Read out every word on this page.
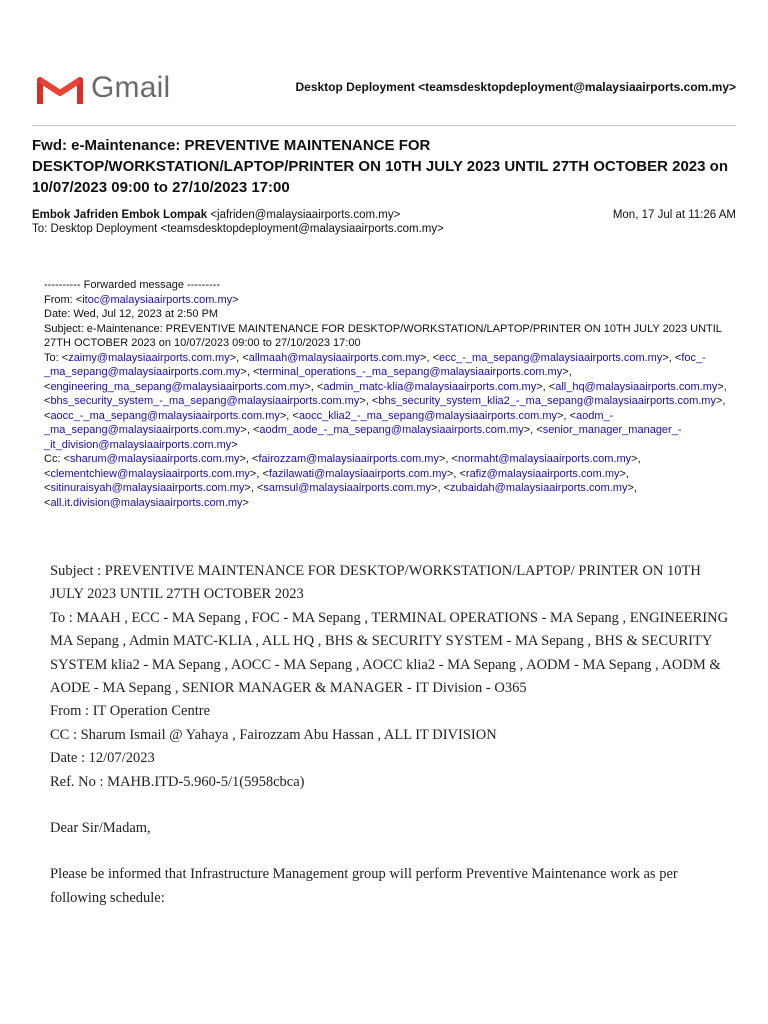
Gmail	Desktop Deployment <teamsdesktopdeployment@malaysiaairports.com.my>
Fwd: e-Maintenance: PREVENTIVE MAINTENANCE FOR DESKTOP/WORKSTATION/LAPTOP/PRINTER ON 10TH JULY 2023 UNTIL 27TH OCTOBER 2023 on 10/07/2023 09:00 to 27/10/2023 17:00
Embok Jafriden Embok Lompak <jafriden@malaysiaairports.com.my>	Mon, 17 Jul at 11:26 AM
To: Desktop Deployment <teamsdesktopdeployment@malaysiaairports.com.my>
---------- Forwarded message ---------
From: <itoc@malaysiaairports.com.my>
Date: Wed, Jul 12, 2023 at 2:50 PM
Subject: e-Maintenance: PREVENTIVE MAINTENANCE FOR DESKTOP/WORKSTATION/LAPTOP/PRINTER ON 10TH JULY 2023 UNTIL 27TH OCTOBER 2023 on 10/07/2023 09:00 to 27/10/2023 17:00
To: <zaimy@malaysiaairports.com.my>, <allmaah@malaysiaairports.com.my>, <ecc_-_ma_sepang@malaysiaairports.com.my>, <foc_-_ma_sepang@malaysiaairports.com.my>, <terminal_operations_-_ma_sepang@malaysiaairports.com.my>, <engineering_ma_sepang@malaysiaairports.com.my>, <admin_matc-klia@malaysiaairports.com.my>, <all_hq@malaysiaairports.com.my>, <bhs_security_system_-_ma_sepang@malaysiaairports.com.my>, <bhs_security_system_klia2_-_ma_sepang@malaysiaairports.com.my>, <aocc_-_ma_sepang@malaysiaairports.com.my>, <aocc_klia2_-_ma_sepang@malaysiaairports.com.my>, <aodm_-_ma_sepang@malaysiaairports.com.my>, <aodm_aode_-_ma_sepang@malaysiaairports.com.my>, <senior_manager_manager_-_it_division@malaysiaairports.com.my>
Cc: <sharum@malaysiaairports.com.my>, <fairozzam@malaysiaairports.com.my>, <normaht@malaysiaairports.com.my>, <clementchiew@malaysiaairports.com.my>, <fazilawati@malaysiaairports.com.my>, <rafiz@malaysiaairports.com.my>, <sitinuraisyah@malaysiaairports.com.my>, <samsul@malaysiaairports.com.my>, <zubaidah@malaysiaairports.com.my>, <all.it.division@malaysiaairports.com.my>

Subject : PREVENTIVE MAINTENANCE FOR DESKTOP/WORKSTATION/LAPTOP/ PRINTER ON 10TH JULY 2023 UNTIL 27TH OCTOBER 2023

To : MAAH , ECC - MA Sepang , FOC - MA Sepang , TERMINAL OPERATIONS - MA Sepang , ENGINEERING MA Sepang , Admin MATC-KLIA , ALL HQ , BHS & SECURITY SYSTEM - MA Sepang , BHS & SECURITY SYSTEM klia2 - MA Sepang , AOCC - MA Sepang , AOCC klia2 - MA Sepang , AODM - MA Sepang , AODM & AODE - MA Sepang , SENIOR MANAGER & MANAGER - IT Division - O365

From : IT Operation Centre

CC : Sharum Ismail @ Yahaya , Fairozzam Abu Hassan , ALL IT DIVISION

Date : 12/07/2023

Ref. No : MAHB.ITD-5.960-5/1(5958cbca)

Dear Sir/Madam,

Please be informed that Infrastructure Management group will perform Preventive Maintenance work as per following schedule:
